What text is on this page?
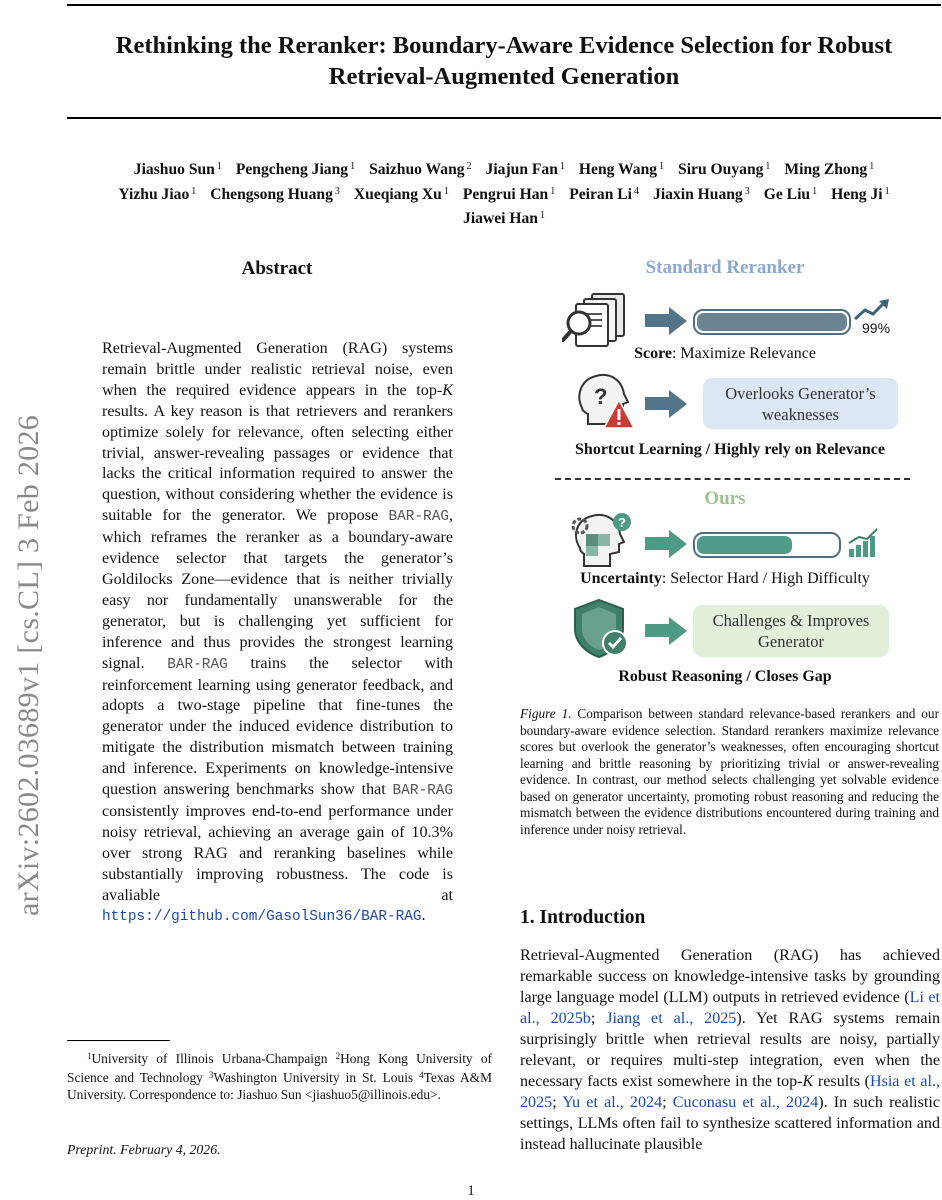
arXiv:2602.03689v1 [cs.CL] 3 Feb 2026
Rethinking the Reranker: Boundary-Aware Evidence Selection for Robust
Retrieval-Augmented Generation
Jiashuo Sun $^1$ Pengcheng Jiang $^1$ Saizhuo Wang $^2$ Jiajun Fan $^1$ Heng Wang $^1$ Siru Ouyang $^1$ Ming Zhong $^1$
Yizhu Jiao $^1$ Chengsong Huang $^3$ Xueqiang Xu $^1$ Pengrui Han $^1$ Peiran Li $^4$ Jiaxin Huang $^3$ Ge Liu $^1$ Heng Ji $^1$
Jiawei Han $^1$
Abstract
Retrieval-Augmented Generation (RAG) systems remain brittle under realistic retrieval noise, even when the required evidence appears in the top-K results. A key reason is that retrievers and rerankers optimize solely for relevance, often selecting either trivial, answer-revealing passages or evidence that lacks the critical information required to answer the question, without considering whether the evidence is suitable for the generator. We propose BAR-RAG, which reframes the reranker as a boundary-aware evidence selector that targets the generator’s Goldilocks Zone—evidence that is neither trivially easy nor fundamentally unanswerable for the generator, but is challenging yet sufficient for inference and thus provides the strongest learning signal. BAR-RAG trains the selector with reinforcement learning using generator feedback, and adopts a two-stage pipeline that fine-tunes the generator under the induced evidence distribution to mitigate the distribution mismatch between training and inference. Experiments on knowledge-intensive question answering benchmarks show that BAR-RAG consistently improves end-to-end performance under noisy retrieval, achieving an average gain of 10.3% over strong RAG and reranking baselines while substantially improving robustness. The code is avaliable at https://github.com/GasolSun36/BAR-RAG.
$^1$University of Illinois Urbana-Champaign $^2$Hong Kong University of Science and Technology $^3$Washington University in St. Louis $^4$Texas A&M University. Correspondence to: Jiashuo Sun <jiashuo5@illinois.edu>.
Preprint. February 4, 2026.
1
Standard Reranker
99%
Score: Maximize Relevance
?	Overlooks Generator’s weaknesses
Shortcut Learning / Highly rely on Relevance
Ours
?
Uncertainty: Selector Hard / High Difficulty
Challenges & Improves Generator
Robust Reasoning / Closes Gap
Figure 1. Comparison between standard relevance-based rerankers and our boundary-aware evidence selection. Standard rerankers maximize relevance scores but overlook the generator’s weaknesses, often encouraging shortcut learning and brittle reasoning by prioritizing trivial or answer-revealing evidence. In contrast, our method selects challenging yet solvable evidence based on generator uncertainty, promoting robust reasoning and reducing the mismatch between the evidence distributions encountered during training and inference under noisy retrieval.
1. Introduction
Retrieval-Augmented Generation (RAG) has achieved remarkable success on knowledge-intensive tasks by grounding large language model (LLM) outputs in retrieved evidence (Li et al., 2025b; Jiang et al., 2025). Yet RAG systems remain surprisingly brittle when retrieval results are noisy, partially relevant, or requires multi-step integration, even when the necessary facts exist somewhere in the top-K results (Hsia et al., 2025; Yu et al., 2024; Cuconasu et al., 2024). In such realistic settings, LLMs often fail to synthesize scattered information and instead hallucinate plausible
